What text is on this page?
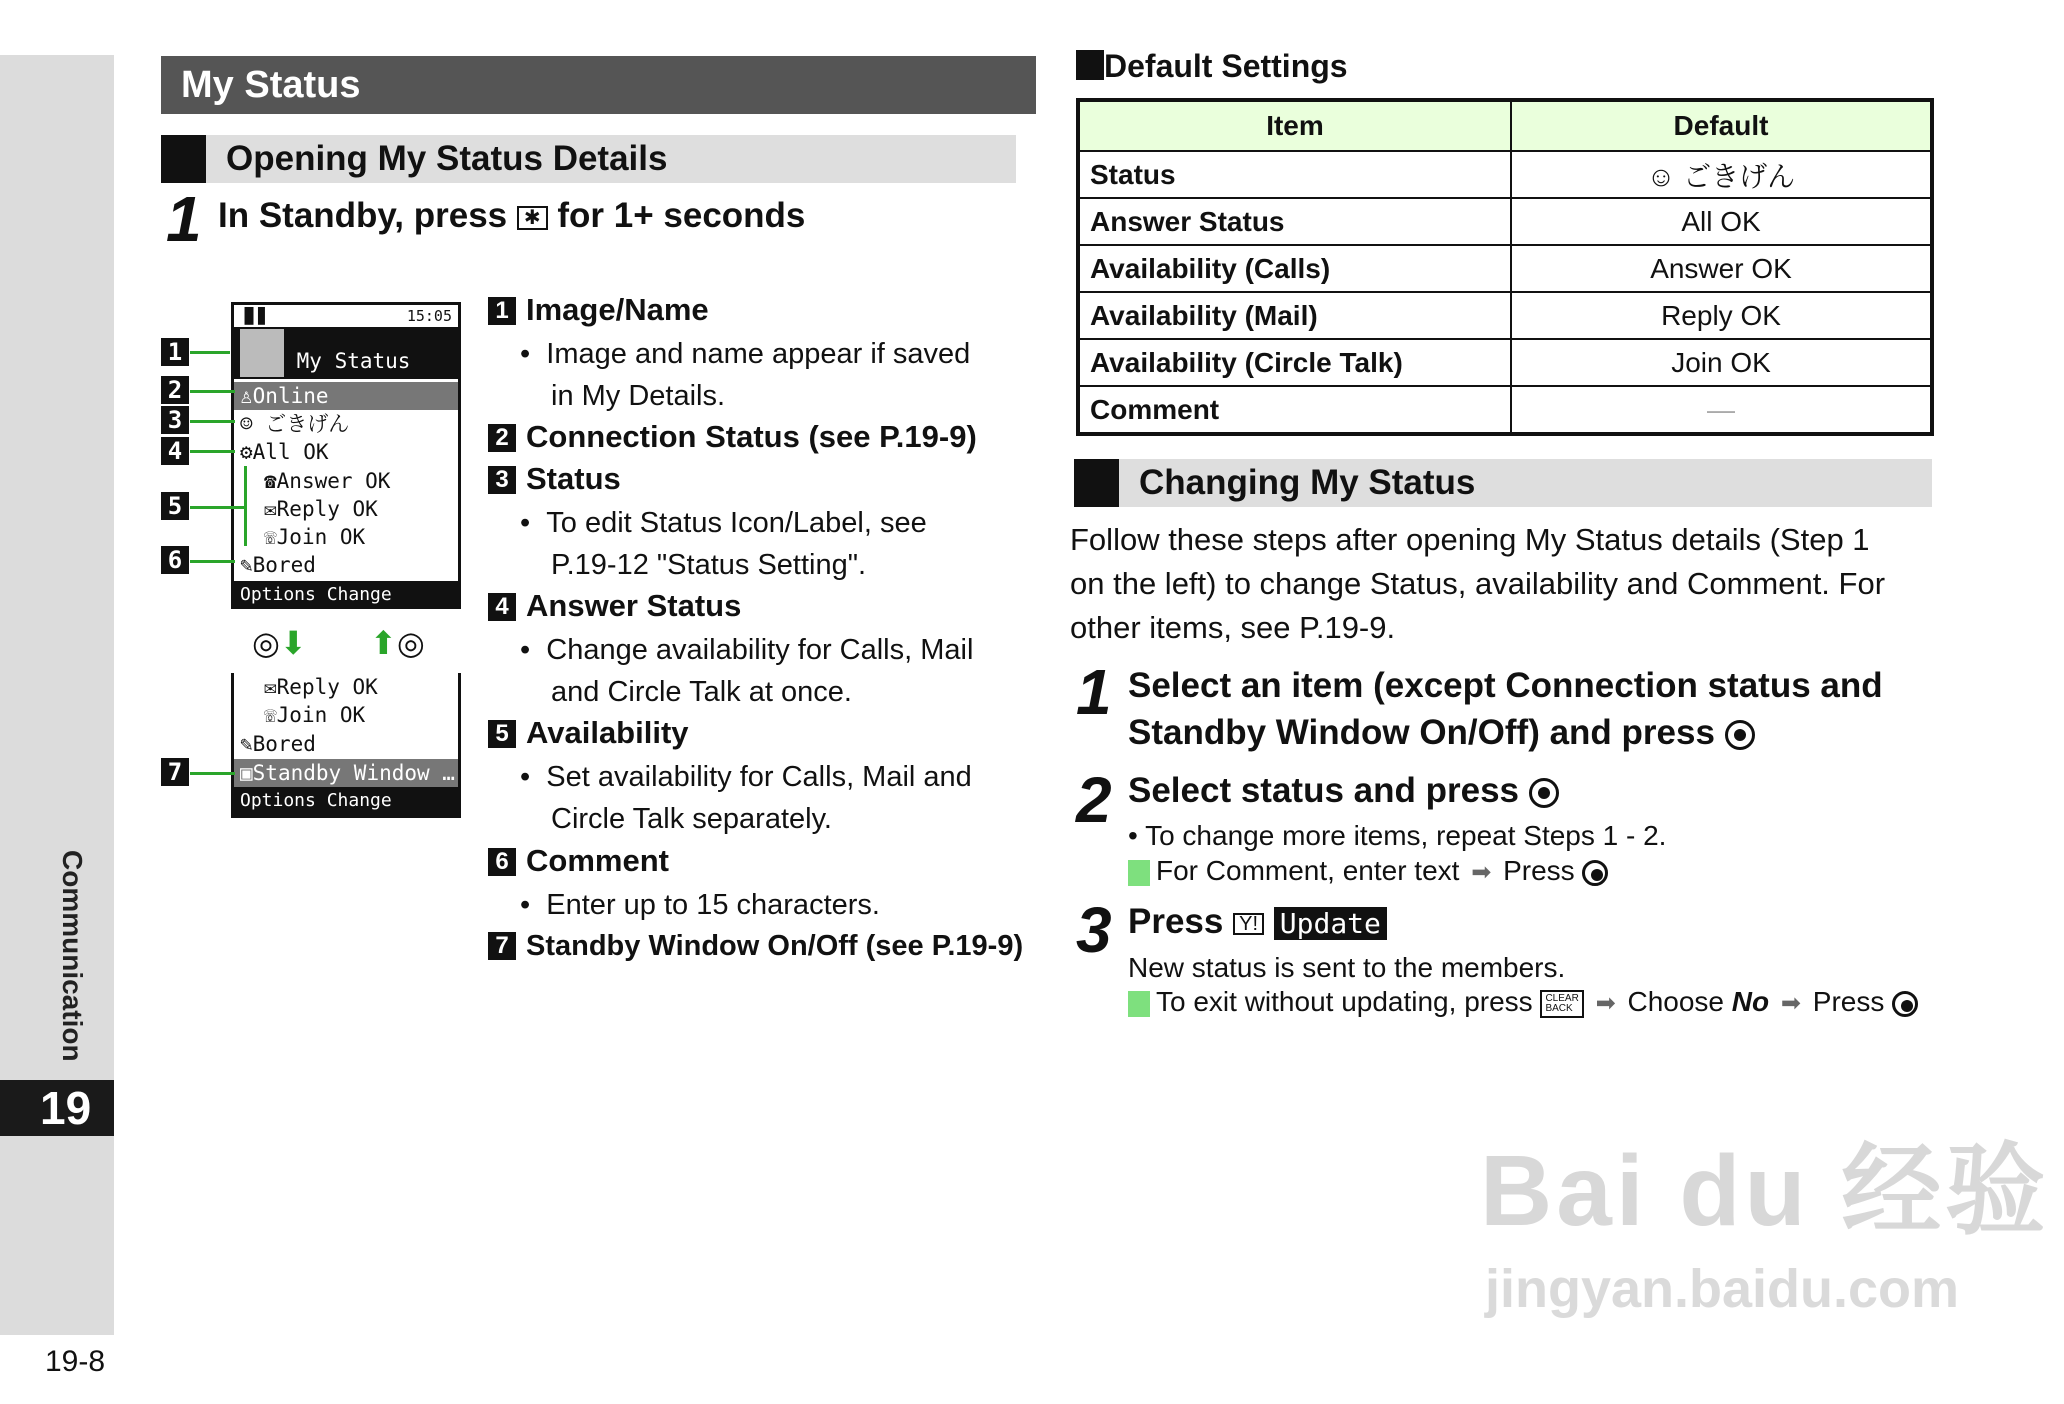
Communication
19
19-8
My Status
Opening My Status Details
1 In Standby, press ✱ for 1+ seconds
▐▌▊	15:05
My Status
♙Online
☺ ごきげん
⚙All OK
☎Answer OK
✉Reply OK
☏Join OK
✎Bored
Options Change
1
2
3
4
5
6
◎⬇ ⬆◎
✉Reply OK
☏Join OK
✎Bored
▣Standby Window …
Options Change
7
1 Image/Name
•  Image and name appear if saved
in My Details.
2 Connection Status (see P.19-9)
3 Status
•  To edit Status Icon/Label, see
P.19-12 "Status Setting".
4 Answer Status
•  Change availability for Calls, Mail
and Circle Talk at once.
5 Availability
•  Set availability for Calls, Mail and
Circle Talk separately.
6 Comment
•  Enter up to 15 characters.
7 Standby Window On/Off (see P.19-9)
Default Settings
Item	Default
Status	☺ ごきげん
Answer Status	All OK
Availability (Calls)	Answer OK
Availability (Mail)	Reply OK
Availability (Circle Talk)	Join OK
Comment	—
Changing My Status
Follow these steps after opening My Status details (Step 1
on the left) to change Status, availability and Comment. For
other items, see P.19-9.
1 Select an item (except Connection status and
Standby Window On/Off) and press
2 Select status and press
• To change more items, repeat Steps 1 - 2.
For Comment, enter text ➡ Press
3 Press Y! Update
New status is sent to the members.
To exit without updating, press CLEAR
BACK ➡ Choose No ➡ Press
Bai du 经验
jingyan.baidu.com
